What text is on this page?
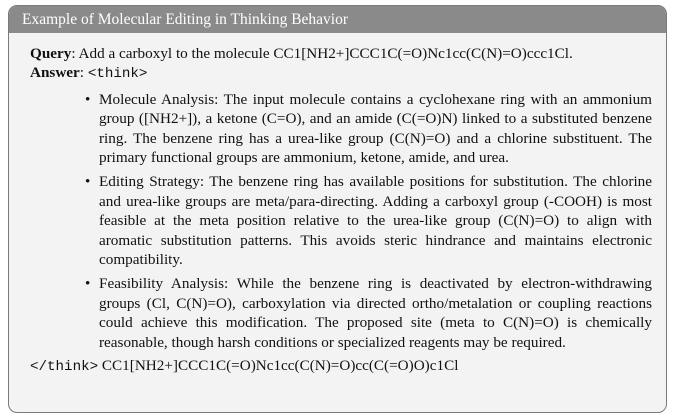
Example of Molecular Editing in Thinking Behavior

Query: Add a carboxyl to the molecule CC1[NH2+]CCC1C(=O)Nc1cc(C(N)=O)ccc1Cl.

Answer: <think>

• Molecule Analysis: The input molecule contains a cyclohexane ring with an ammonium group ([NH2+]), a ketone (C=O), and an amide (C(=O)N) linked to a substituted benzene ring. The benzene ring has a urea-like group (C(N)=O) and a chlorine substituent. The primary functional groups are ammonium, ketone, amide, and urea.
• Editing Strategy: The benzene ring has available positions for substitution. The chlorine and urea-like groups are meta/para-directing. Adding a carboxyl group (-COOH) is most feasible at the meta position relative to the urea-like group (C(N)=O) to align with aromatic substitution patterns. This avoids steric hindrance and maintains electronic compatibility.
• Feasibility Analysis: While the benzene ring is deactivated by electron-withdrawing groups (Cl, C(N)=O), carboxylation via directed ortho/metalation or coupling reactions could achieve this modification. The proposed site (meta to C(N)=O) is chemically reasonable, though harsh conditions or specialized reagents may be required.

</think> CC1[NH2+]CCC1C(=O)Nc1cc(C(N)=O)cc(C(=O)O)c1Cl
